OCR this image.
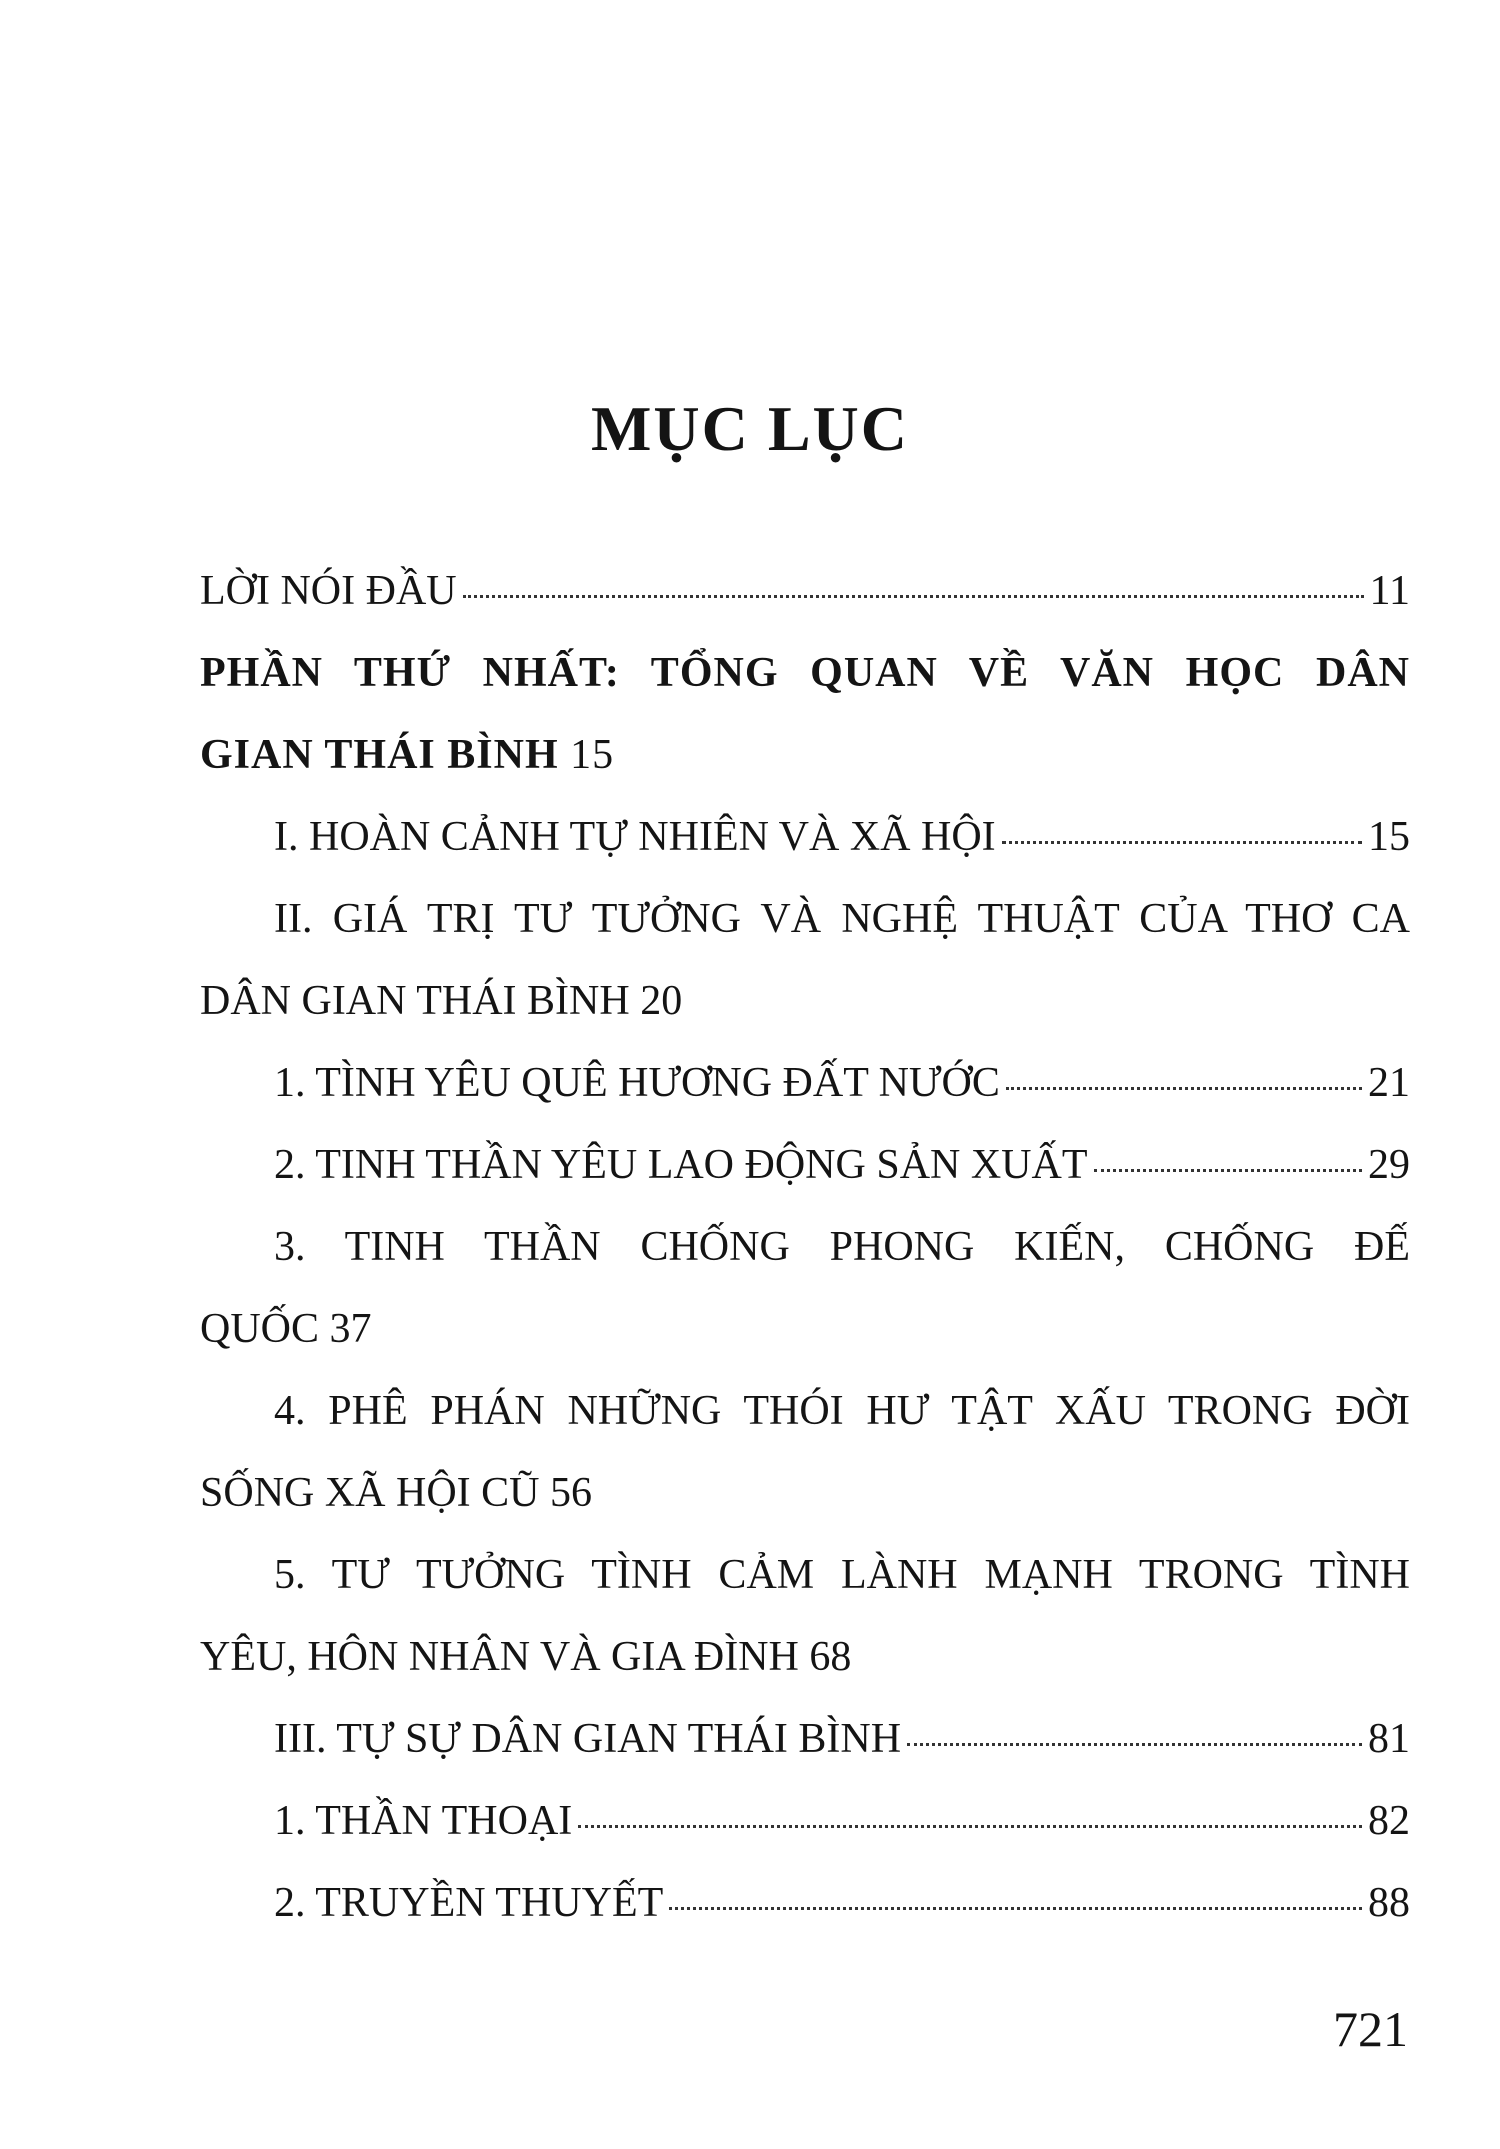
MỤC LỤC
LỜI NÓI ĐẦU	11
PHẦN THỨ NHẤT: TỔNG QUAN VỀ VĂN HỌC DÂN
GIAN THÁI BÌNH 15
I. HOÀN CẢNH TỰ NHIÊN VÀ XÃ HỘI	15
II. GIÁ TRỊ TƯ TƯỞNG VÀ NGHỆ THUẬT CỦA THƠ CA
DÂN GIAN THÁI BÌNH 20
1. TÌNH YÊU QUÊ HƯƠNG ĐẤT NƯỚC	21
2. TINH THẦN YÊU LAO ĐỘNG SẢN XUẤT	29
3. TINH THẦN CHỐNG PHONG KIẾN, CHỐNG ĐẾ
QUỐC 37
4. PHÊ PHÁN NHỮNG THÓI HƯ TẬT XẤU TRONG ĐỜI
SỐNG XÃ HỘI CŨ 56
5. TƯ TƯỞNG TÌNH CẢM LÀNH MẠNH TRONG TÌNH
YÊU, HÔN NHÂN VÀ GIA ĐÌNH 68
III. TỰ SỰ DÂN GIAN THÁI BÌNH	81
1. THẦN THOẠI	82
2. TRUYỀN THUYẾT	88
721
